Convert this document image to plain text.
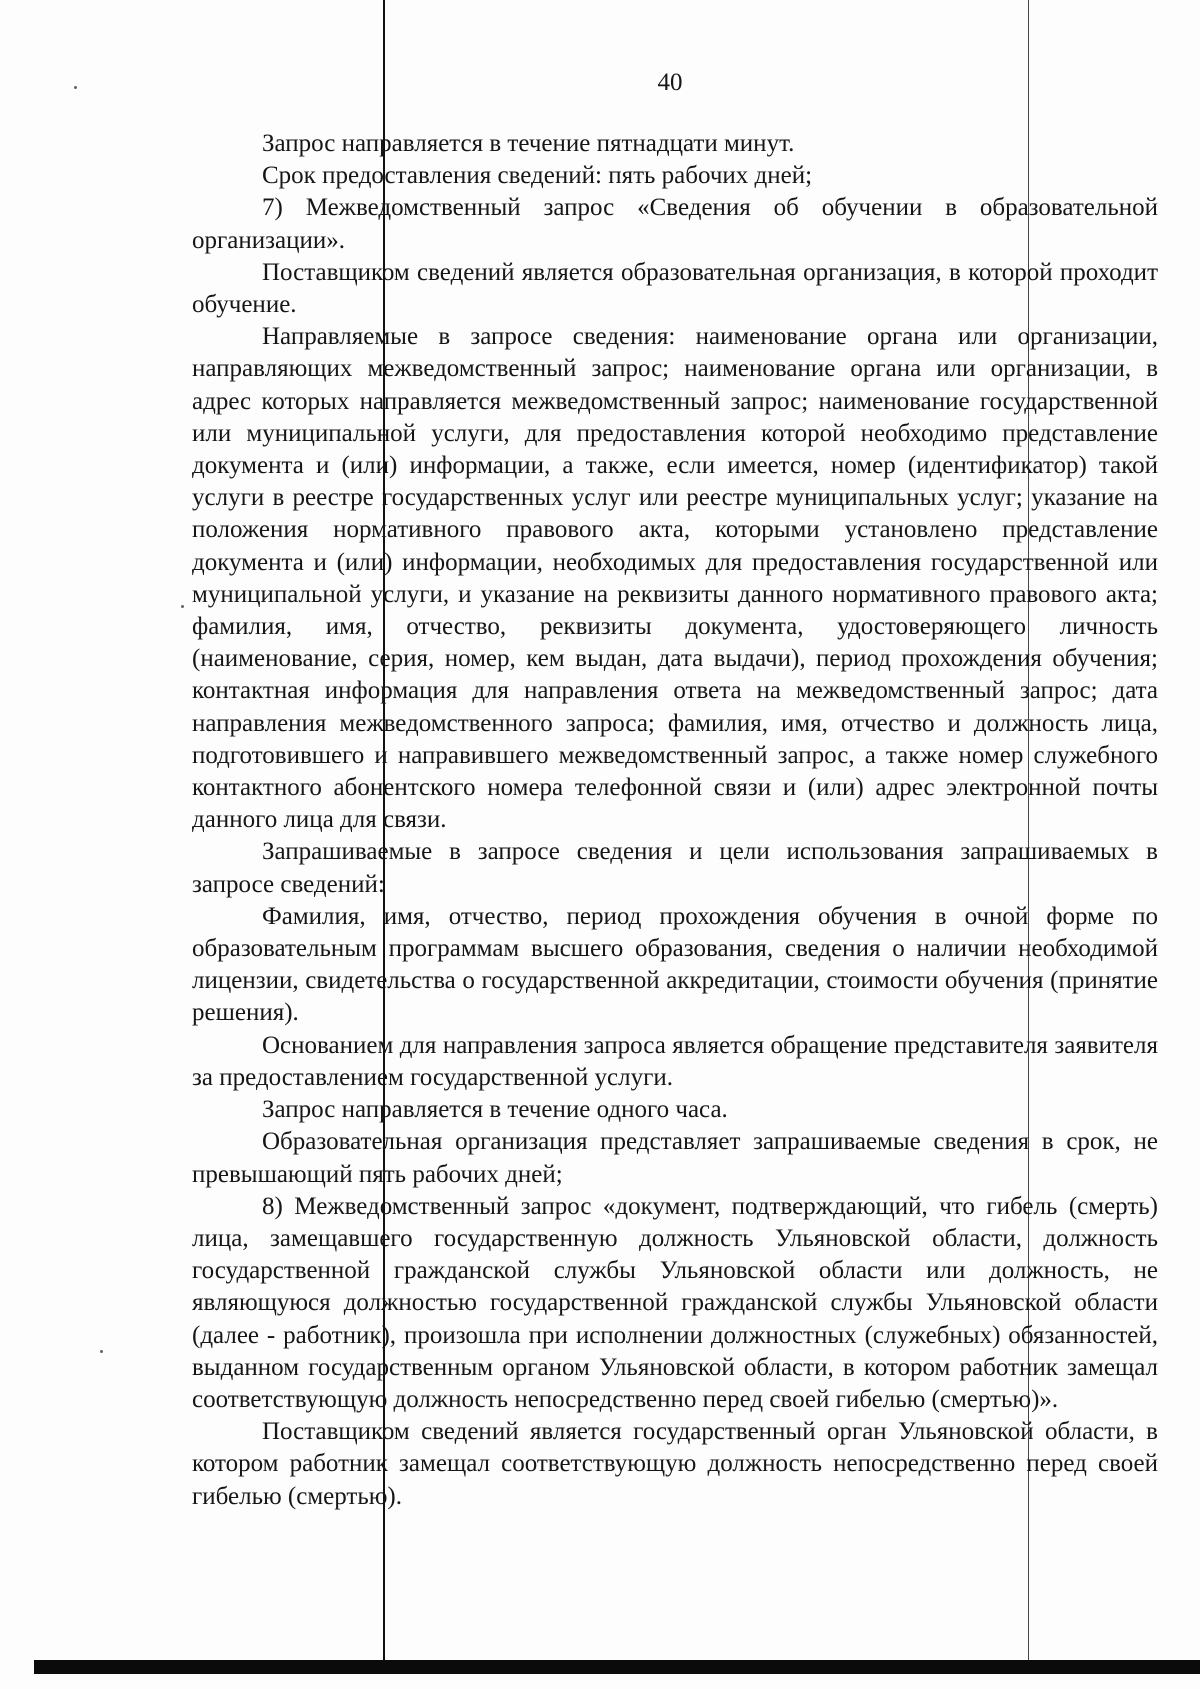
40

Запрос направляется в течение пятнадцати минут.

Срок предоставления сведений: пять рабочих дней;

7) Межведомственный запрос «Сведения об обучении в образовательной организации».

Поставщиком сведений является образовательная организация, в которой проходит обучение.

Направляемые в запросе сведения: наименование органа или организации, направляющих межведомственный запрос; наименование органа или организации, в адрес которых направляется межведомственный запрос; наименование государственной или муниципальной услуги, для предоставления которой необходимо представление документа и (или) информации, а также, если имеется, номер (идентификатор) такой услуги в реестре государственных услуг или реестре муниципальных услуг; указание на положения нормативного правового акта, которыми установлено представление документа и (или) информации, необходимых для предоставления государственной или муниципальной услуги, и указание на реквизиты данного нормативного правового акта; фамилия, имя, отчество, реквизиты документа, удостоверяющего личность (наименование, серия, номер, кем выдан, дата выдачи), период прохождения обучения; контактная информация для направления ответа на межведомственный запрос; дата направления межведомственного запроса; фамилия, имя, отчество и должность лица, подготовившего и направившего межведомственный запрос, а также номер служебного контактного абонентского номера телефонной связи и (или) адрес электронной почты данного лица для связи.

Запрашиваемые в запросе сведения и цели использования запрашиваемых в запросе сведений:

Фамилия, имя, отчество, период прохождения обучения в очной форме по образовательным программам высшего образования, сведения о наличии необходимой лицензии, свидетельства о государственной аккредитации, стоимости обучения (принятие решения).

Основанием для направления запроса является обращение представителя заявителя за предоставлением государственной услуги.

Запрос направляется в течение одного часа.

Образовательная организация представляет запрашиваемые сведения в срок, не превышающий пять рабочих дней;

8) Межведомственный запрос «документ, подтверждающий, что гибель (смерть) лица, замещавшего государственную должность Ульяновской области, должность государственной гражданской службы Ульяновской области или должность, не являющуюся должностью государственной гражданской службы Ульяновской области (далее - работник), произошла при исполнении должностных (служебных) обязанностей, выданном государственным органом Ульяновской области, в котором работник замещал соответствующую должность непосредственно перед своей гибелью (смертью)».

Поставщиком сведений является государственный орган Ульяновской области, в котором работник замещал соответствующую должность непосредственно перед своей гибелью (смертью).
